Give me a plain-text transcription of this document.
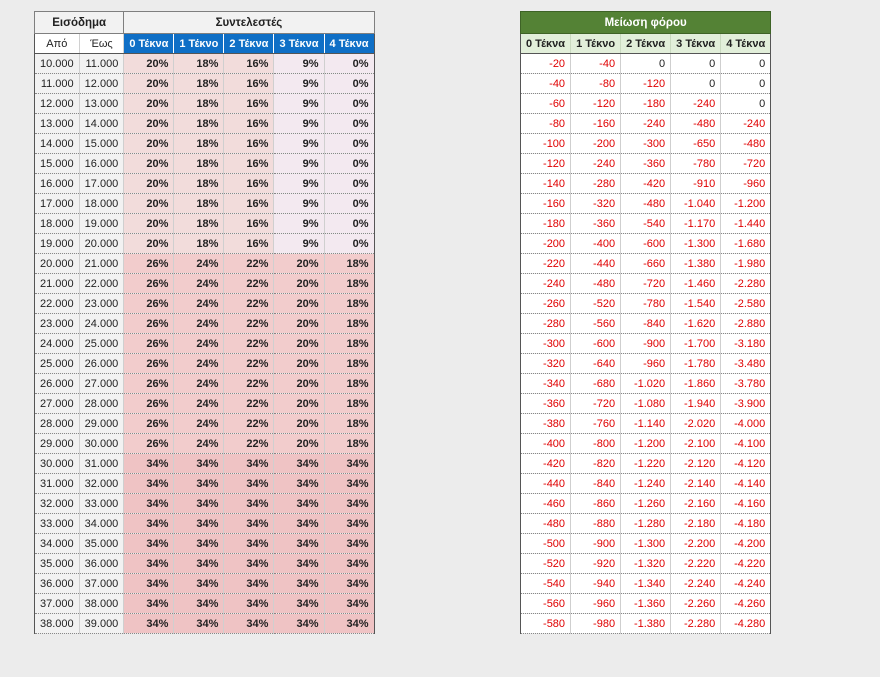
Εισόδημα		Συντελεστές				
Από	Έως	0 Τέκνα	1 Τέκνο	2 Τέκνα	3 Τέκνα	4 Τέκνα
10.000	11.000	20%	18%	16%	9%	0%
11.000	12.000	20%	18%	16%	9%	0%
12.000	13.000	20%	18%	16%	9%	0%
13.000	14.000	20%	18%	16%	9%	0%
14.000	15.000	20%	18%	16%	9%	0%
15.000	16.000	20%	18%	16%	9%	0%
16.000	17.000	20%	18%	16%	9%	0%
17.000	18.000	20%	18%	16%	9%	0%
18.000	19.000	20%	18%	16%	9%	0%
19.000	20.000	20%	18%	16%	9%	0%
20.000	21.000	26%	24%	22%	20%	18%
21.000	22.000	26%	24%	22%	20%	18%
22.000	23.000	26%	24%	22%	20%	18%
23.000	24.000	26%	24%	22%	20%	18%
24.000	25.000	26%	24%	22%	20%	18%
25.000	26.000	26%	24%	22%	20%	18%
26.000	27.000	26%	24%	22%	20%	18%
27.000	28.000	26%	24%	22%	20%	18%
28.000	29.000	26%	24%	22%	20%	18%
29.000	30.000	26%	24%	22%	20%	18%
30.000	31.000	34%	34%	34%	34%	34%
31.000	32.000	34%	34%	34%	34%	34%
32.000	33.000	34%	34%	34%	34%	34%
33.000	34.000	34%	34%	34%	34%	34%
34.000	35.000	34%	34%	34%	34%	34%
35.000	36.000	34%	34%	34%	34%	34%
36.000	37.000	34%	34%	34%	34%	34%
37.000	38.000	34%	34%	34%	34%	34%
38.000	39.000	34%	34%	34%	34%	34%
Μείωση φόρου				
0 Τέκνα	1 Τέκνο	2 Τέκνα	3 Τέκνα	4 Τέκνα
-20	-40	0	0	0
-40	-80	-120	0	0
-60	-120	-180	-240	0
-80	-160	-240	-480	-240
-100	-200	-300	-650	-480
-120	-240	-360	-780	-720
-140	-280	-420	-910	-960
-160	-320	-480	-1.040	-1.200
-180	-360	-540	-1.170	-1.440
-200	-400	-600	-1.300	-1.680
-220	-440	-660	-1.380	-1.980
-240	-480	-720	-1.460	-2.280
-260	-520	-780	-1.540	-2.580
-280	-560	-840	-1.620	-2.880
-300	-600	-900	-1.700	-3.180
-320	-640	-960	-1.780	-3.480
-340	-680	-1.020	-1.860	-3.780
-360	-720	-1.080	-1.940	-3.900
-380	-760	-1.140	-2.020	-4.000
-400	-800	-1.200	-2.100	-4.100
-420	-820	-1.220	-2.120	-4.120
-440	-840	-1.240	-2.140	-4.140
-460	-860	-1.260	-2.160	-4.160
-480	-880	-1.280	-2.180	-4.180
-500	-900	-1.300	-2.200	-4.200
-520	-920	-1.320	-2.220	-4.220
-540	-940	-1.340	-2.240	-4.240
-560	-960	-1.360	-2.260	-4.260
-580	-980	-1.380	-2.280	-4.280
